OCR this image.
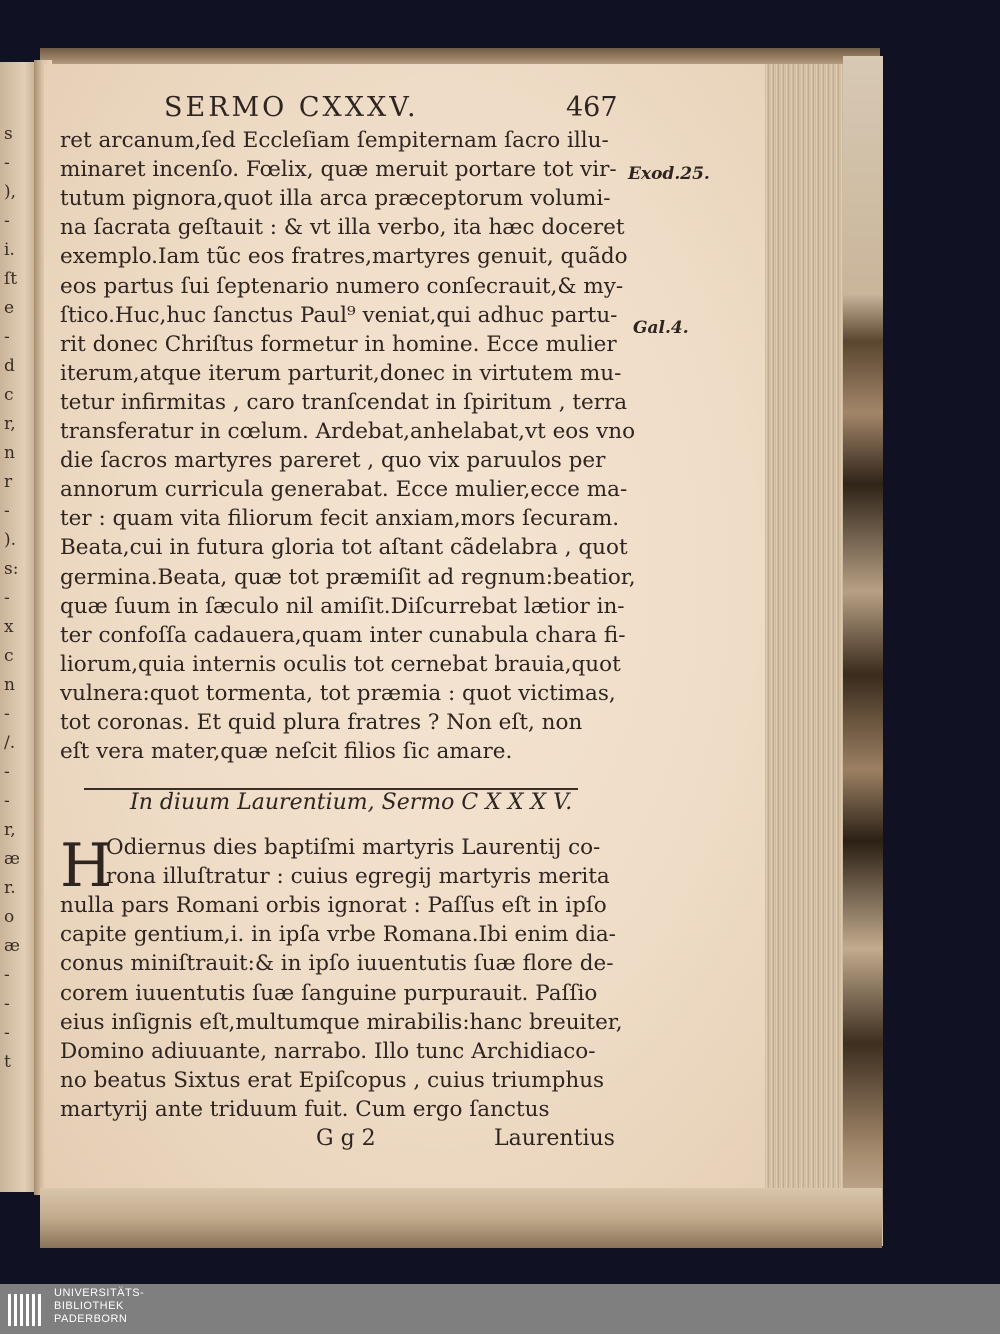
s
-
),
-
i.
ſt
e
-
d
c
r,
n
r
-
).
s:
-
x
c
n
-
/.
-
-
r,
æ
r.
o
æ
-
-
-
t
SERMO CXXXV.	467
ret arcanum,ſed Eccleſiam ſempiternam ſacro illu-
minaret incenſo. Fœlix, quæ meruit portare tot vir-
tutum pignora,quot illa arca præceptorum volumi-
na ſacrata geſtauit : & vt illa verbo, ita hæc doceret
exemplo.Iam tũc eos fratres,martyres genuit, quãdo
eos partus ſui ſeptenario numero conſecrauit,& my-
ſtico.Huc,huc ſanctus Paul⁹ veniat,qui adhuc partu-
rit donec Chriſtus formetur in homine. Ecce mulier
iterum,atque iterum parturit,donec in virtutem mu-
tetur infirmitas , caro tranſcendat in ſpiritum , terra
transferatur in cœlum. Ardebat,anhelabat,vt eos vno
die ſacros martyres pareret , quo vix paruulos per
annorum curricula generabat. Ecce mulier,ecce ma-
ter : quam vita filiorum fecit anxiam,mors ſecuram.
Beata,cui in futura gloria tot aſtant cãdelabra , quot
germina.Beata, quæ tot præmiſit ad regnum:beatior,
quæ ſuum in ſæculo nil amiſit.Diſcurrebat lætior in-
ter confoſſa cadauera,quam inter cunabula chara fi-
liorum,quia internis oculis tot cernebat brauia,quot
vulnera:quot tormenta, tot præmia : quot victimas,
tot coronas. Et quid plura fratres ? Non eſt, non
eſt vera mater,quæ neſcit filios ſic amare.
Exod.25.
Gal.4.
In diuum Laurentium, Sermo C X X X V.
H
Odiernus dies baptiſmi martyris Laurentij co-
rona illuſtratur : cuius egregij martyris merita
nulla pars Romani orbis ignorat : Paſſus eſt in ipſo
capite gentium,i. in ipſa vrbe Romana.Ibi enim dia-
conus miniſtrauit:& in ipſo iuuentutis ſuæ flore de-
corem iuuentutis ſuæ ſanguine purpurauit. Paſſio
eius inſignis eſt,multumque mirabilis:hanc breuiter,
Domino adiuuante, narrabo. Illo tunc Archidiaco-
no beatus Sixtus erat Epiſcopus , cuius triumphus
martyrij ante triduum fuit. Cum ergo ſanctus
G g 2	Laurentius
UNIVERSITÄTS-
BIBLIOTHEK
PADERBORN
